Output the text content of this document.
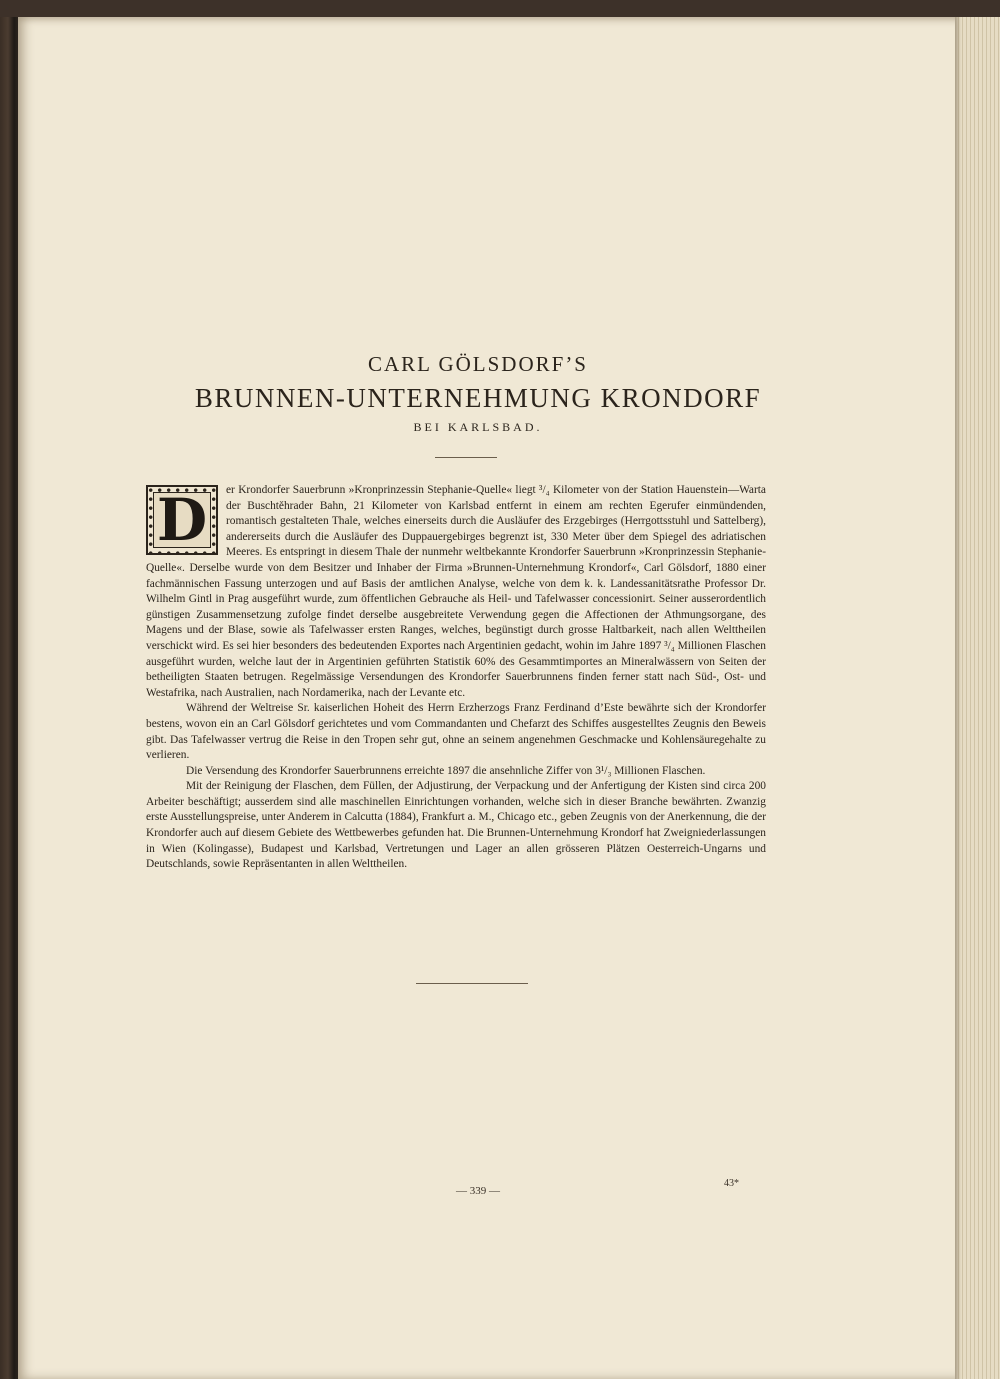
CARL GÖLSDORF’S
BRUNNEN-UNTERNEHMUNG KRONDORF
BEI KARLSBAD.

D er Krondorfer Sauerbrunn »Kronprinzessin Stephanie-Quelle« liegt ³/₄ Kilometer von der Station Hauenstein—Warta der Buschtěhrader Bahn, 21 Kilometer von Karlsbad entfernt in einem am rechten Egerufer einmündenden, romantisch gestalteten Thale, welches einerseits durch die Ausläufer des Erzgebirges (Herrgottsstuhl und Sattelberg), andererseits durch die Ausläufer des Duppauergebirges begrenzt ist, 330 Meter über dem Spiegel des adriatischen Meeres. Es entspringt in diesem Thale der nunmehr weltbekannte Krondorfer Sauerbrunn »Kronprinzessin Stephanie-Quelle«. Derselbe wurde von dem Besitzer und Inhaber der Firma »Brunnen-Unternehmung Krondorf«, Carl Gölsdorf, 1880 einer fachmännischen Fassung unterzogen und auf Basis der amtlichen Analyse, welche von dem k. k. Landessanitätsrathe Professor Dr. Wilhelm Gintl in Prag ausgeführt wurde, zum öffentlichen Gebrauche als Heil- und Tafelwasser concessionirt. Seiner ausserordentlich günstigen Zusammensetzung zufolge findet derselbe ausgebreitete Verwendung gegen die Affectionen der Athmungsorgane, des Magens und der Blase, sowie als Tafelwasser ersten Ranges, welches, begünstigt durch grosse Haltbarkeit, nach allen Welttheilen verschickt wird. Es sei hier besonders des bedeutenden Exportes nach Argentinien gedacht, wohin im Jahre 1897 ³/₄ Millionen Flaschen ausgeführt wurden, welche laut der in Argentinien geführten Statistik 60% des Gesammtimportes an Mineralwässern von Seiten der betheiligten Staaten betrugen. Regelmässige Versendungen des Krondorfer Sauerbrunnens finden ferner statt nach Süd-, Ost- und Westafrika, nach Australien, nach Nordamerika, nach der Levante etc.

Während der Weltreise Sr. kaiserlichen Hoheit des Herrn Erzherzogs Franz Ferdinand d’Este bewährte sich der Krondorfer bestens, wovon ein an Carl Gölsdorf gerichtetes und vom Commandanten und Chefarzt des Schiffes ausgestelltes Zeugnis den Beweis gibt. Das Tafelwasser vertrug die Reise in den Tropen sehr gut, ohne an seinem angenehmen Geschmacke und Kohlensäuregehalte zu verlieren.

Die Versendung des Krondorfer Sauerbrunnens erreichte 1897 die ansehnliche Ziffer von 3¹/₃ Millionen Flaschen.

Mit der Reinigung der Flaschen, dem Füllen, der Adjustirung, der Verpackung und der Anfertigung der Kisten sind circa 200 Arbeiter beschäftigt; ausserdem sind alle maschinellen Einrichtungen vorhanden, welche sich in dieser Branche bewährten. Zwanzig erste Ausstellungspreise, unter Anderem in Calcutta (1884), Frankfurt a. M., Chicago etc., geben Zeugnis von der Anerkennung, die der Krondorfer auch auf diesem Gebiete des Wettbewerbes gefunden hat. Die Brunnen-Unternehmung Krondorf hat Zweigniederlassungen in Wien (Kolingasse), Budapest und Karlsbad, Vertretungen und Lager an allen grösseren Plätzen Oesterreich-Ungarns und Deutschlands, sowie Repräsentanten in allen Welttheilen.

— 339 —
43*
